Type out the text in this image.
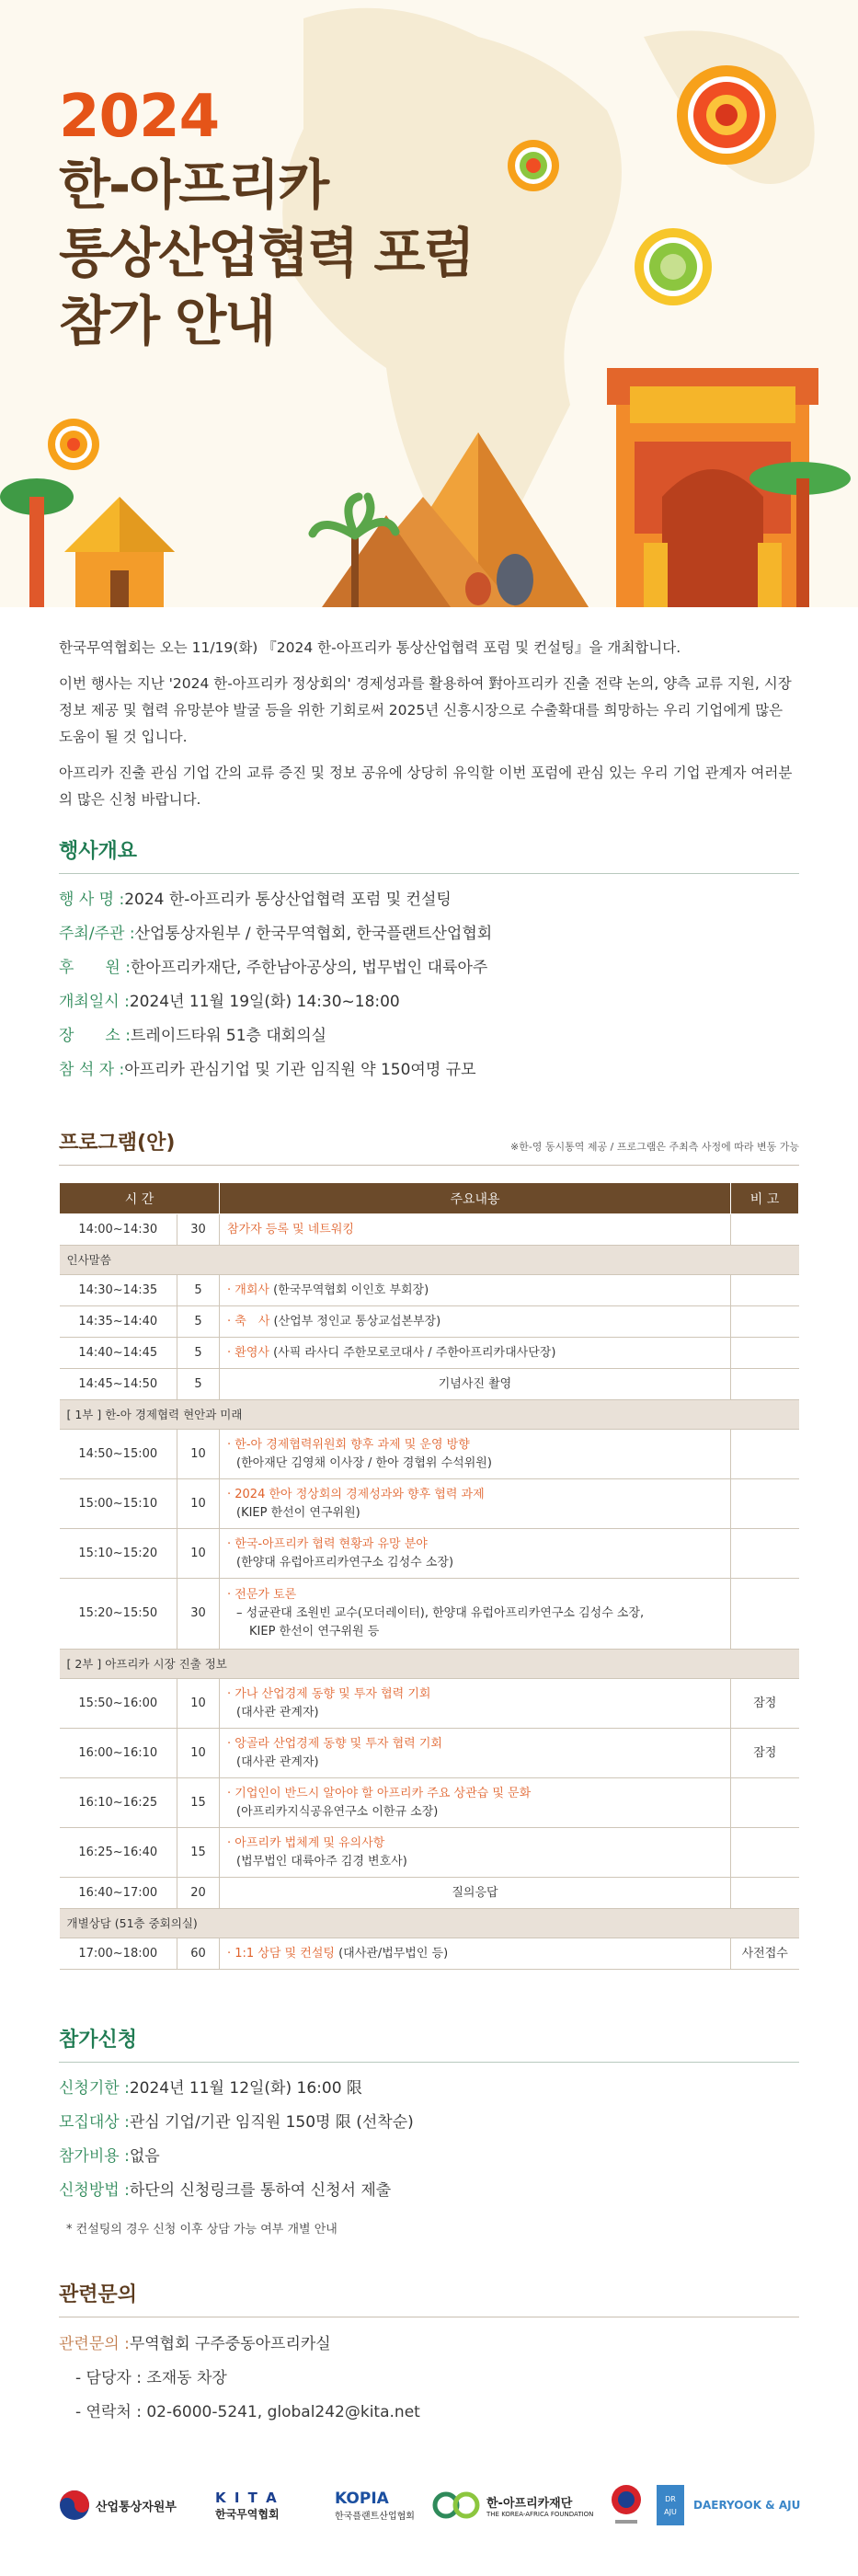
2024
한-아프리카
통상산업협력 포럼
참가 안내

한국무역협회는 오는 11/19(화) 『2024 한-아프리카 통상산업협력 포럼 및 컨설팅』을 개최합니다.

이번 행사는 지난 '2024 한-아프리카 정상회의' 경제성과를 활용하여 對아프리카 진출 전략 논의, 양측 교류 지원, 시장 정보 제공 및 협력 유망분야 발굴 등을 위한 기회로써 2025년 신흥시장으로 수출확대를 희망하는 우리 기업에게 많은 도움이 될 것 입니다.

아프리카 진출 관심 기업 간의 교류 증진 및 정보 공유에 상당히 유익할 이번 포럼에 관심 있는 우리 기업 관계자 여러분의 많은 신청 바랍니다.

행사개요
행 사 명 :2024 한-아프리카 통상산업협력 포럼 및 컨설팅
주최/주관 :산업통상자원부 / 한국무역협회, 한국플랜트산업협회
후　　원 :한아프리카재단, 주한남아공상의, 법무법인 대륙아주
개최일시 :2024년 11월 19일(화) 14:30~18:00
장　　소 :트레이드타워 51층 대회의실
참 석 자 :아프리카 관심기업 및 기관 임직원 약 150여명 규모
프로그램(안)	※한-영 동시통역 제공 / 프로그램은 주최측 사정에 따라 변동 가능
시 간		주요내용	비 고
14:00~14:30	30	참가자 등록 및 네트워킹	
인사말씀			
14:30~14:35	5	· 개회사 (한국무역협회 이인호 부회장)	
14:35~14:40	5	· 축　사 (산업부 정인교 통상교섭본부장)	
14:40~14:45	5	· 환영사 (사픽 라사디 주한모로코대사 / 주한아프리카대사단장)	
14:45~14:50	5	기념사진 촬영	
[ 1부 ] 한-아 경제협력 현안과 미래			
14:50~15:00	10	· 한-아 경제협력위원회 향후 과제 및 운영 방향
(한아재단 김영채 이사장 / 한아 경협위 수석위원)	

15:00~15:10	10	· 2024 한아 정상회의 경제성과와 향후 협력 과제
(KIEP 한선이 연구위원)	

15:10~15:20	10	· 한국-아프리카 협력 현황과 유망 분야
(한양대 유럽아프리카연구소 김성수 소장)	

15:20~15:50	30	· 전문가 토론
– 성균관대 조원빈 교수(모더레이터), 한양대 유럽아프리카연구소 김성수 소장,
KIEP 한선이 연구위원 등	

[ 2부 ] 아프리카 시장 진출 정보			
15:50~16:00	10	· 가나 산업경제 동향 및 투자 협력 기회
(대사관 관계자)	잠정
16:00~16:10	10	· 앙골라 산업경제 동향 및 투자 협력 기회
(대사관 관계자)	잠정
16:10~16:25	15	· 기업인이 반드시 알아야 할 아프리카 주요 상관습 및 문화
(아프리카지식공유연구소 이한규 소장)	

16:25~16:40	15	· 아프리카 법체계 및 유의사항
(법무법인 대륙아주 김경 변호사)	

16:40~17:00	20	질의응답	
개별상담 (51층 중회의실)			
17:00~18:00	60	· 1:1 상담 및 컨설팅 (대사관/법무법인 등)	사전접수
참가신청
신청기한 :2024년 11월 12일(화) 16:00 限
모집대상 :관심 기업/기관 임직원 150명 限 (선착순)
참가비용 :없음
신청방법 :하단의 신청링크를 통하여 신청서 제출
* 컨설팅의 경우 신청 이후 상담 가능 여부 개별 안내
관련문의
관련문의 :무역협회 구주중동아프리카실
- 담당자 : 조재동 차장
- 연락처 : 02-6000-5241, global242@kita.net
산업통상자원부
K I T A
한국무역협회
KOPIA
한국플랜트산업협회
한-아프리카재단
THE KOREA-AFRICA FOUNDATION
DR
AJU
DAERYOOK & AJU
